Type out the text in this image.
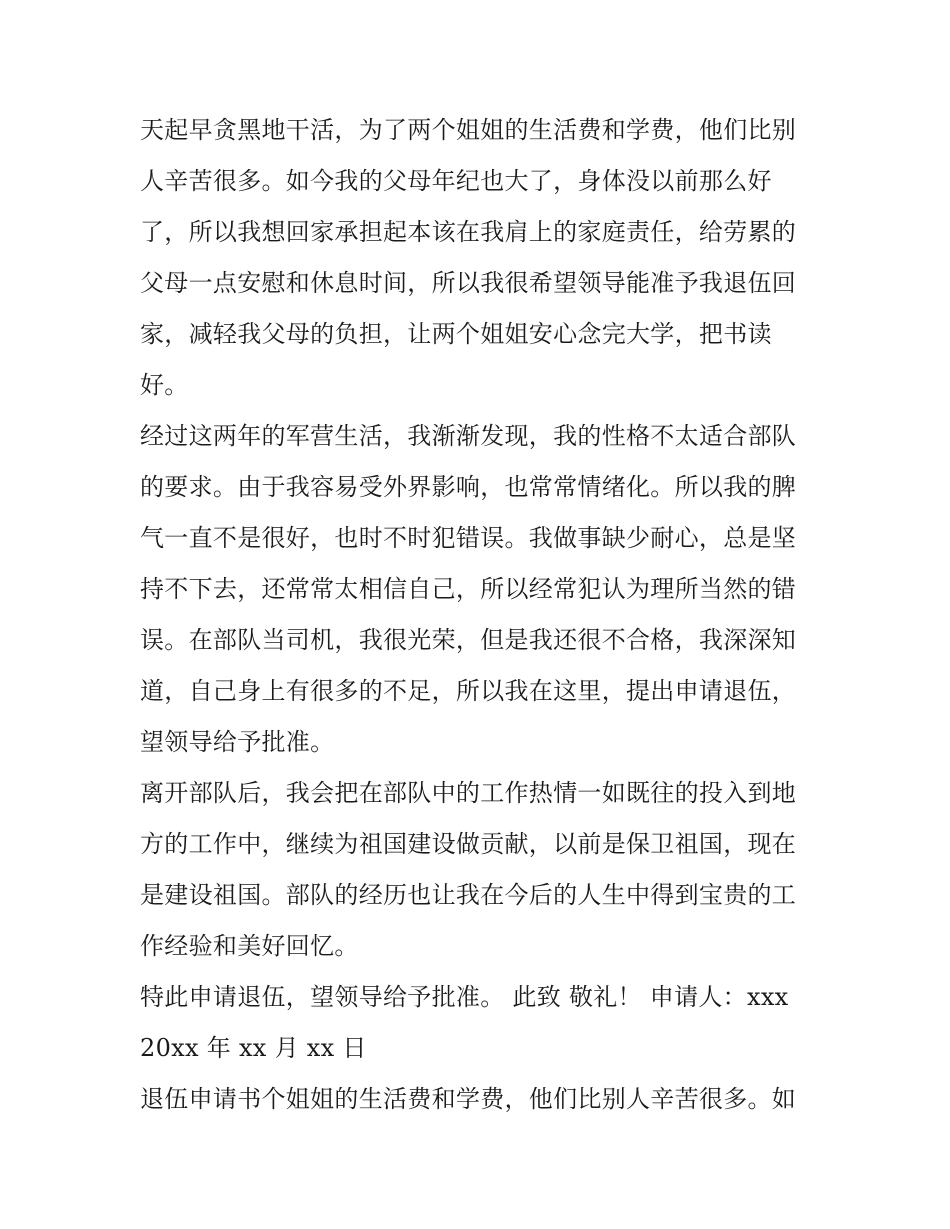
天起早贪黑地干活，为了两个姐姐的生活费和学费，他们比别
人辛苦很多。如今我的父母年纪也大了，身体没以前那么好
了，所以我想回家承担起本该在我肩上的家庭责任，给劳累的
父母一点安慰和休息时间，所以我很希望领导能准予我退伍回
家，减轻我父母的负担，让两个姐姐安心念完大学，把书读
好。
经过这两年的军营生活，我渐渐发现，我的性格不太适合部队
的要求。由于我容易受外界影响，也常常情绪化。所以我的脾
气一直不是很好，也时不时犯错误。我做事缺少耐心，总是坚
持不下去，还常常太相信自己，所以经常犯认为理所当然的错
误。在部队当司机，我很光荣，但是我还很不合格，我深深知
道，自己身上有很多的不足，所以我在这里，提出申请退伍，
望领导给予批准。
离开部队后，我会把在部队中的工作热情一如既往的投入到地
方的工作中，继续为祖国建设做贡献，以前是保卫祖国，现在
是建设祖国。部队的经历也让我在今后的人生中得到宝贵的工
作经验和美好回忆。
特此申请退伍，望领导给予批准。 此致 敬礼！ 申请人：xxx
20xx 年 xx 月 xx 日
退伍申请书个姐姐的生活费和学费，他们比别人辛苦很多。如
